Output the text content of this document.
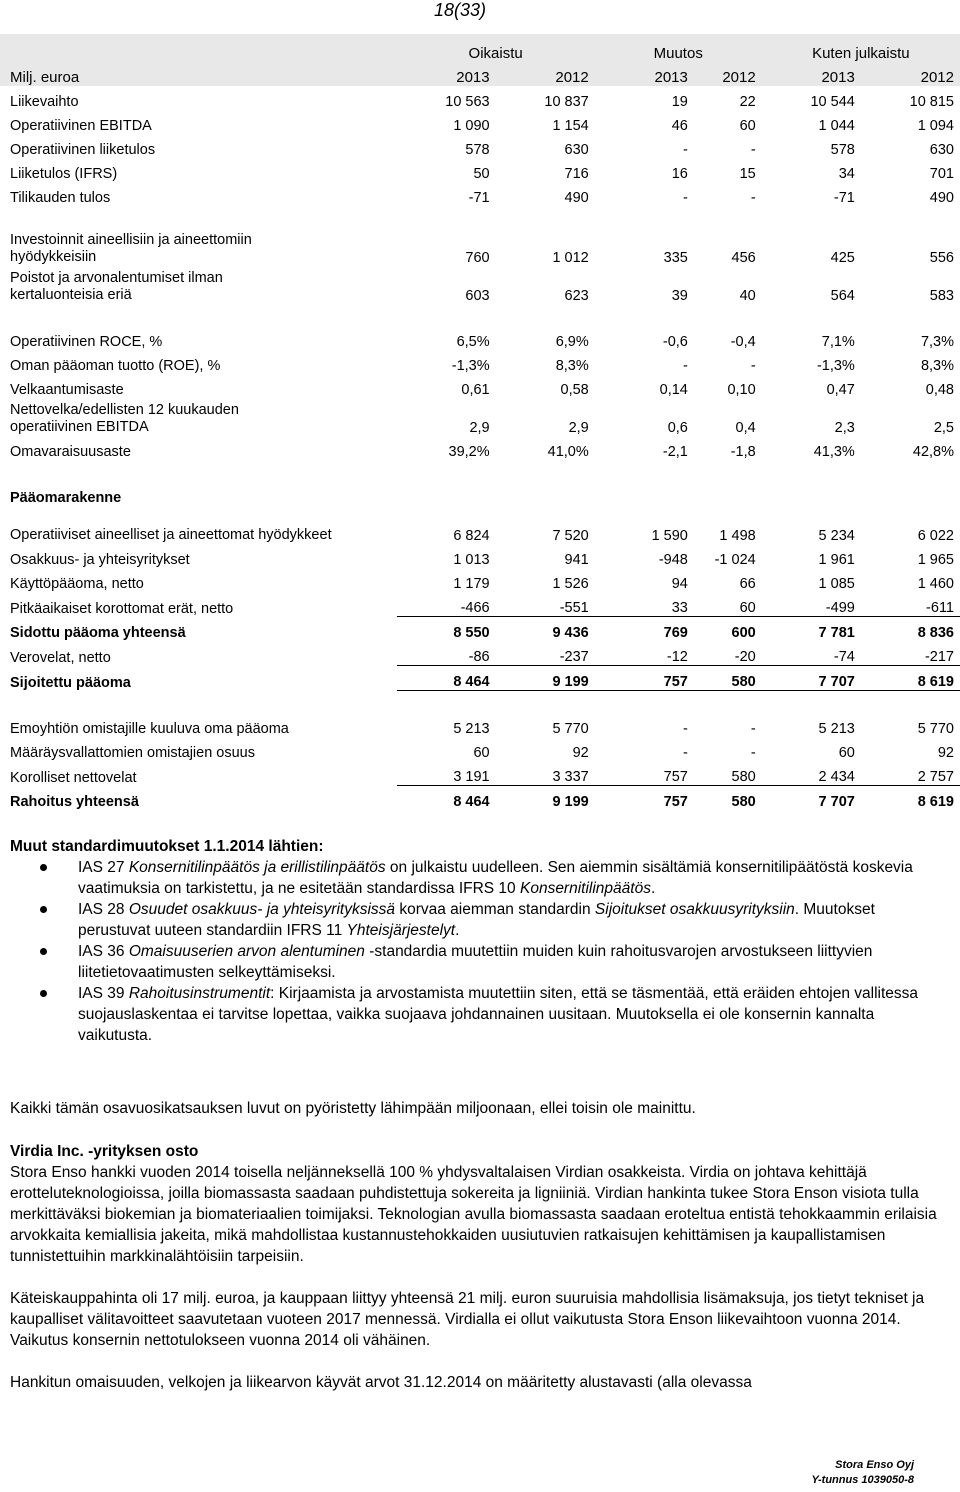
18(33)
	Oikaistu		Muutos		Kuten julkaistu	
Milj. euroa	2013	2012	2013	2012	2013	2012
Liikevaihto	10 563	10 837	19	22	10 544	10 815
Operatiivinen EBITDA	1 090	1 154	46	60	1 044	1 094
Operatiivinen liiketulos	578	630	-	-	578	630
Liiketulos (IFRS)	50	716	16	15	34	701
Tilikauden tulos	-71	490	-	-	-71	490

Investoinnit aineellisiin ja aineettomiin hyödykkeisiin	760	1 012	335	456	425	556
Poistot ja arvonalentumiset ilman kertaluonteisia eriä	603	623	39	40	564	583

Operatiivinen ROCE, %	6,5%	6,9%	-0,6	-0,4	7,1%	7,3%
Oman pääoman tuotto (ROE), %	-1,3%	8,3%	-	-	-1,3%	8,3%
Velkaantumisaste	0,61	0,58	0,14	0,10	0,47	0,48
Nettovelka/edellisten 12 kuukauden operatiivinen EBITDA	2,9	2,9	0,6	0,4	2,3	2,5
Omavaraisuusaste	39,2%	41,0%	-2,1	-1,8	41,3%	42,8%

Pääomarakenne						
Operatiiviset aineelliset ja aineettomat hyödykkeet	6 824	7 520	1 590	1 498	5 234	6 022
Osakkuus- ja yhteisyritykset	1 013	941	-948	-1 024	1 961	1 965
Käyttöpääoma, netto	1 179	1 526	94	66	1 085	1 460
Pitkäaikaiset korottomat erät, netto	-466	-551	33	60	-499	-611
Sidottu pääoma yhteensä	8 550	9 436	769	600	7 781	8 836
Verovelat, netto	-86	-237	-12	-20	-74	-217
Sijoitettu pääoma	8 464	9 199	757	580	7 707	8 619

Emoyhtiön omistajille kuuluva oma pääoma	5 213	5 770	-	-	5 213	5 770
Määräysvallattomien omistajien osuus	60	92	-	-	60	92
Korolliset nettovelat	3 191	3 337	757	580	2 434	2 757
Rahoitus yhteensä	8 464	9 199	757	580	7 707	8 619

Muut standardimuutokset 1.1.2014 lähtien:

IAS 27 Konsernitilinpäätös ja erillistilinpäätös on julkaistu uudelleen. Sen aiemmin sisältämiä konsernitilipäätöstä koskevia vaatimuksia on tarkistettu, ja ne esitetään standardissa IFRS 10 Konsernitilinpäätös.
IAS 28 Osuudet osakkuus- ja yhteisyrityksissä korvaa aiemman standardin Sijoitukset osakkuusyrityksiin. Muutokset perustuvat uuteen standardiin IFRS 11 Yhteisjärjestelyt.
IAS 36 Omaisuuserien arvon alentuminen -standardia muutettiin muiden kuin rahoitusvarojen arvostukseen liittyvien liitetietovaatimusten selkeyttämiseksi.
IAS 39 Rahoitusinstrumentit: Kirjaamista ja arvostamista muutettiin siten, että se täsmentää, että eräiden ehtojen vallitessa suojauslaskentaa ei tarvitse lopettaa, vaikka suojaava johdannainen uusitaan. Muutoksella ei ole konsernin kannalta vaikutusta.
Kaikki tämän osavuosikatsauksen luvut on pyöristetty lähimpään miljoonaan, ellei toisin ole mainittu.

Virdia Inc. -yrityksen osto

Stora Enso hankki vuoden 2014 toisella neljänneksellä 100 % yhdysvaltalaisen Virdian osakkeista. Virdia on johtava kehittäjä erotteluteknologioissa, joilla biomassasta saadaan puhdistettuja sokereita ja ligniiniä. Virdian hankinta tukee Stora Enson visiota tulla merkittäväksi biokemian ja biomateriaalien toimijaksi. Teknologian avulla biomassasta saadaan eroteltua entistä tehokkaammin erilaisia arvokkaita kemiallisia jakeita, mikä mahdollistaa kustannustehokkaiden uusiutuvien ratkaisujen kehittämisen ja kaupallistamisen tunnistettuihin markkinalähtöisiin tarpeisiin.

Käteiskauppahinta oli 17 milj. euroa, ja kauppaan liittyy yhteensä 21 milj. euron suuruisia mahdollisia lisämaksuja, jos tietyt tekniset ja kaupalliset välitavoitteet saavutetaan vuoteen 2017 mennessä. Virdialla ei ollut vaikutusta Stora Enson liikevaihtoon vuonna 2014. Vaikutus konsernin nettotulokseen vuonna 2014 oli vähäinen.

Hankitun omaisuuden, velkojen ja liikearvon käyvät arvot 31.12.2014 on määritetty alustavasti (alla olevassa

Stora Enso Oyj
Y-tunnus 1039050-8
